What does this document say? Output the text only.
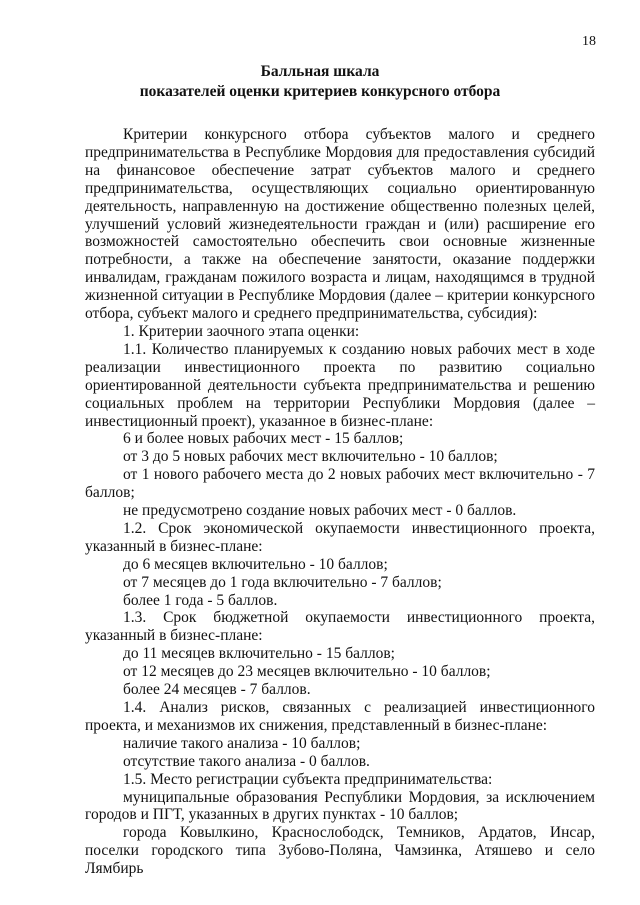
18
Балльная шкала
показателей оценки критериев конкурсного отбора

Критерии конкурсного отбора субъектов малого и среднего предпринимательства в Республике Мордовия для предоставления субсидий на финансовое обеспечение затрат субъектов малого и среднего предпринимательства, осуществляющих социально ориентированную деятельность, направленную на достижение общественно полезных целей, улучшений условий жизнедеятельности граждан и (или) расширение его возможностей самостоятельно обеспечить свои основные жизненные потребности, а также на обеспечение занятости, оказание поддержки инвалидам, гражданам пожилого возраста и лицам, находящимся в трудной жизненной ситуации в Республике Мордовия (далее – критерии конкурсного отбора, субъект малого и среднего предпринимательства, субсидия):

1. Критерии заочного этапа оценки:

1.1. Количество планируемых к созданию новых рабочих мест в ходе реализации инвестиционного проекта по развитию социально ориентированной деятельности субъекта предпринимательства и решению социальных проблем на территории Республики Мордовия (далее – инвестиционный проект), указанное в бизнес-плане:

6 и более новых рабочих мест - 15 баллов;

от 3 до 5 новых рабочих мест включительно - 10 баллов;

от 1 нового рабочего места до 2 новых рабочих мест включительно - 7 баллов;

не предусмотрено создание новых рабочих мест - 0 баллов.

1.2. Срок экономической окупаемости инвестиционного проекта, указанный в бизнес-плане:

до 6 месяцев включительно - 10 баллов;

от 7 месяцев до 1 года включительно - 7 баллов;

более 1 года - 5 баллов.

1.3. Срок бюджетной окупаемости инвестиционного проекта, указанный в бизнес-плане:

до 11 месяцев включительно - 15 баллов;

от 12 месяцев до 23 месяцев включительно - 10 баллов;

более 24 месяцев - 7 баллов.

1.4. Анализ рисков, связанных с реализацией инвестиционного проекта, и механизмов их снижения, представленный в бизнес-плане:

наличие такого анализа - 10 баллов;

отсутствие такого анализа - 0 баллов.

1.5. Место регистрации субъекта предпринимательства:

муниципальные образования Республики Мордовия, за исключением городов и ПГТ, указанных в других пунктах - 10 баллов;

города Ковылкино, Краснослободск, Темников, Ардатов, Инсар, поселки городского типа Зубово-Поляна, Чамзинка, Атяшево и село Лямбирь
